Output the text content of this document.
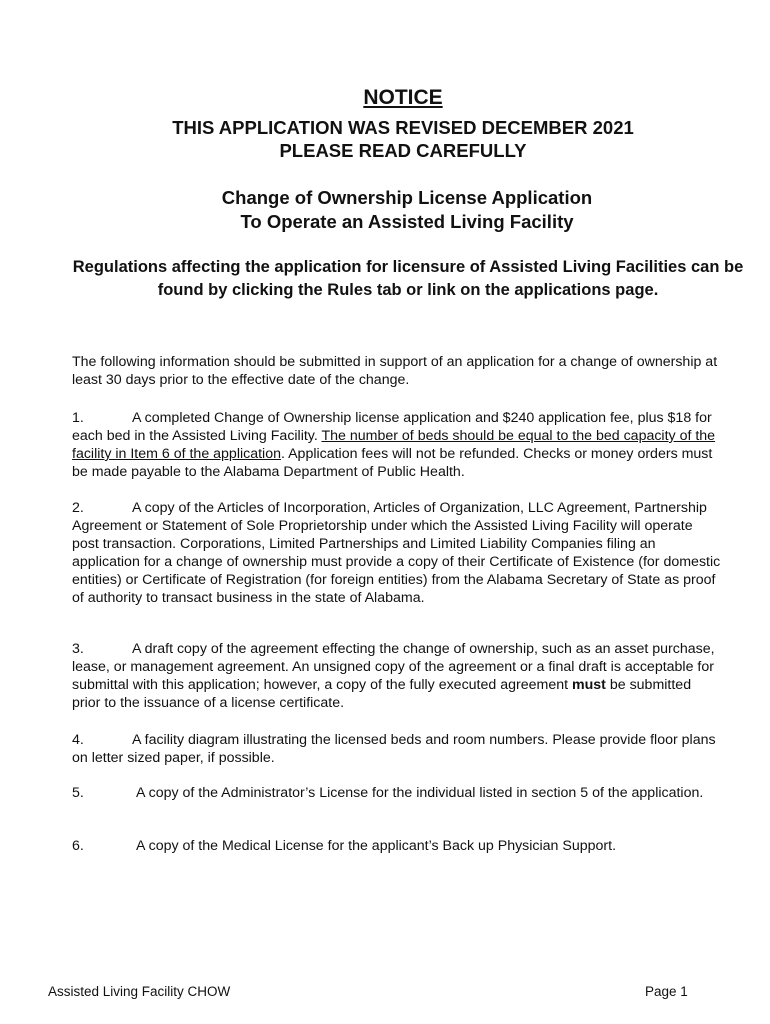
NOTICE
THIS APPLICATION WAS REVISED DECEMBER 2021
PLEASE READ CAREFULLY
Change of Ownership License Application
To Operate an Assisted Living Facility
Regulations affecting the application for licensure of Assisted Living Facilities can be found by clicking the Rules tab or link on the applications page.
The following information should be submitted in support of an application for a change of ownership at least 30 days prior to the effective date of the change.
1.	A completed Change of Ownership license application and $240 application fee, plus $18 for each bed in the Assisted Living Facility. The number of beds should be equal to the bed capacity of the facility in Item 6 of the application. Application fees will not be refunded. Checks or money orders must be made payable to the Alabama Department of Public Health.
2.	A copy of the Articles of Incorporation, Articles of Organization, LLC Agreement, Partnership Agreement or Statement of Sole Proprietorship under which the Assisted Living Facility will operate post transaction. Corporations, Limited Partnerships and Limited Liability Companies filing an application for a change of ownership must provide a copy of their Certificate of Existence (for domestic entities) or Certificate of Registration (for foreign entities) from the Alabama Secretary of State as proof of authority to transact business in the state of Alabama.
3.	A draft copy of the agreement effecting the change of ownership, such as an asset purchase, lease, or management agreement. An unsigned copy of the agreement or a final draft is acceptable for submittal with this application; however, a copy of the fully executed agreement must be submitted prior to the issuance of a license certificate.
4.	A facility diagram illustrating the licensed beds and room numbers. Please provide floor plans on letter sized paper, if possible.
5.	A copy of the Administrator’s License for the individual listed in section 5 of the application.
6.	A copy of the Medical License for the applicant’s Back up Physician Support.
Assisted Living Facility CHOW	Page 1
